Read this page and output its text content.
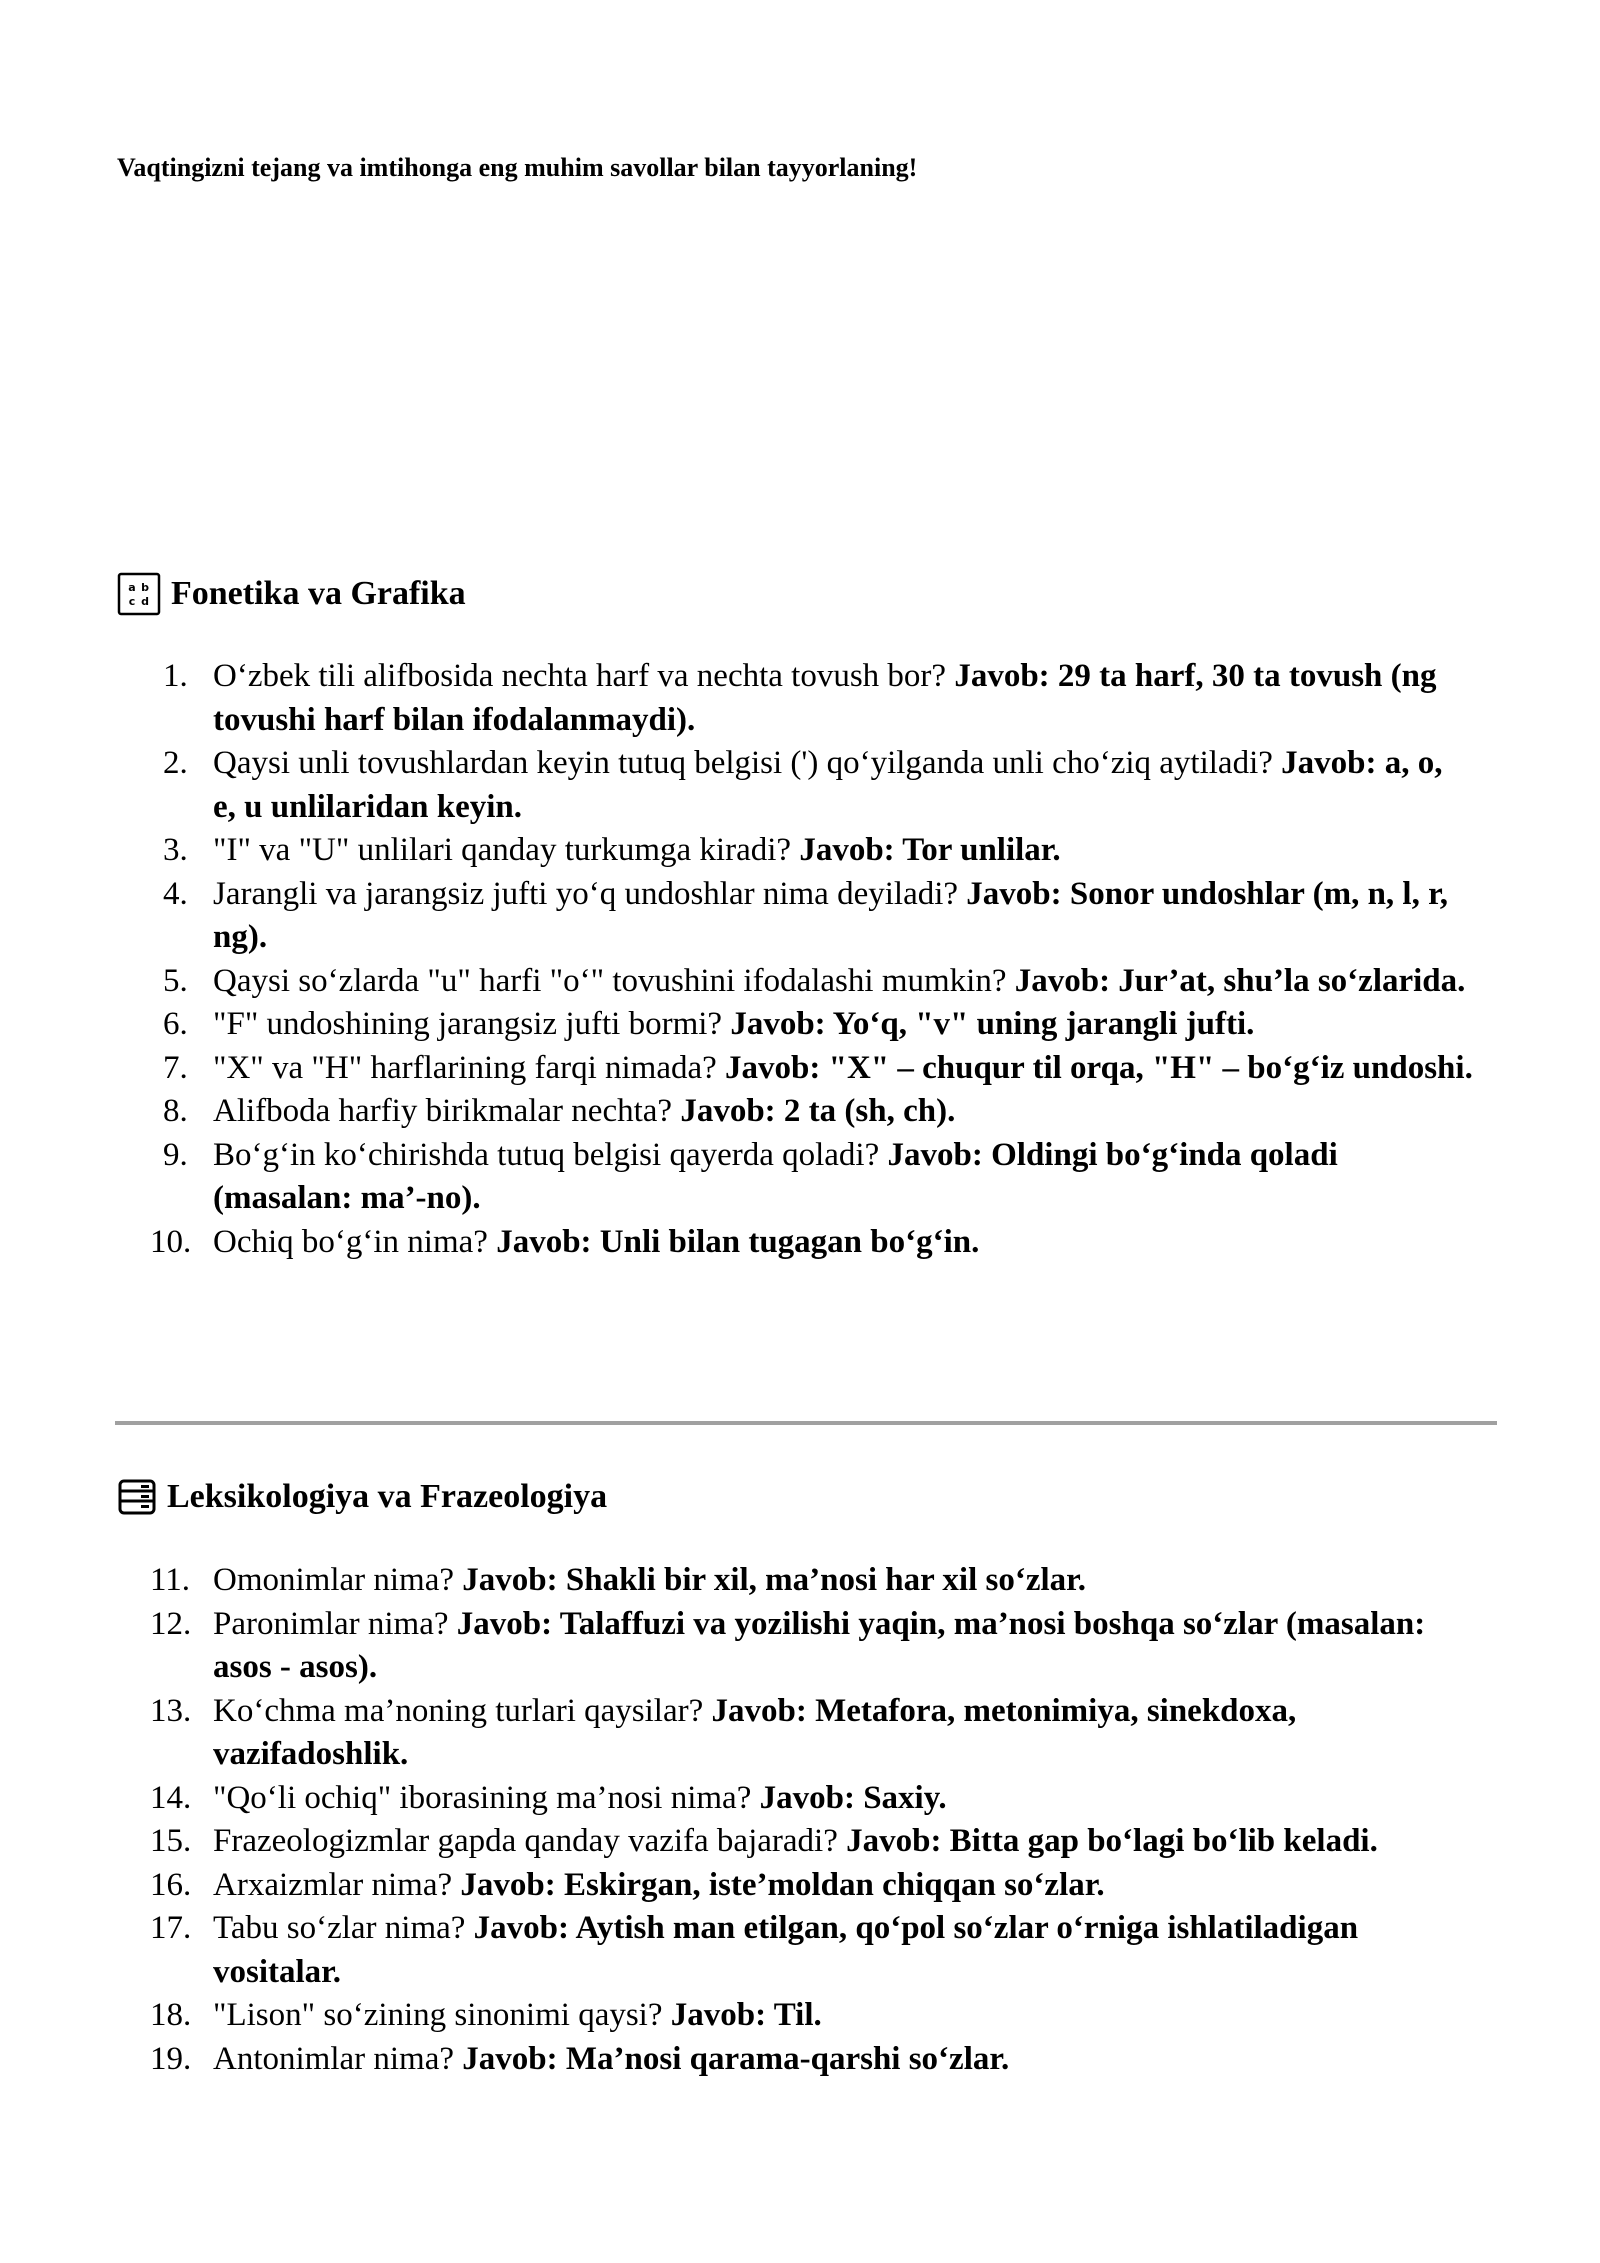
Vaqtingizni tejang va imtihonga eng muhim savollar bilan tayyorlaning!
a b
c d Fonetika va Grafika
1. O‘zbek tili alifbosida nechta harf va nechta tovush bor? Javob: 29 ta harf, 30 ta tovush (ng tovushi harf bilan ifodalanmaydi).
2. Qaysi unli tovushlardan keyin tutuq belgisi (') qo‘yilganda unli cho‘ziq aytiladi? Javob: a, o, e, u unlilaridan keyin.
3. "I" va "U" unlilari qanday turkumga kiradi? Javob: Tor unlilar.
4. Jarangli va jarangsiz jufti yo‘q undoshlar nima deyiladi? Javob: Sonor undoshlar (m, n, l, r, ng).
5. Qaysi so‘zlarda "u" harfi "o‘" tovushini ifodalashi mumkin? Javob: Jur’at, shu’la so‘zlarida.
6. "F" undoshining jarangsiz jufti bormi? Javob: Yo‘q, "v" uning jarangli jufti.
7. "X" va "H" harflarining farqi nimada? Javob: "X" – chuqur til orqa, "H" – bo‘g‘iz undoshi.
8. Alifboda harfiy birikmalar nechta? Javob: 2 ta (sh, ch).
9. Bo‘g‘in ko‘chirishda tutuq belgisi qayerda qoladi? Javob: Oldingi bo‘g‘inda qoladi (masalan: ma’-no).
10. Ochiq bo‘g‘in nima? Javob: Unli bilan tugagan bo‘g‘in.
Leksikologiya va Frazeologiya
11. Omonimlar nima? Javob: Shakli bir xil, ma’nosi har xil so‘zlar.
12. Paronimlar nima? Javob: Talaffuzi va yozilishi yaqin, ma’nosi boshqa so‘zlar (masalan: asos - asos).
13. Ko‘chma ma’noning turlari qaysilar? Javob: Metafora, metonimiya, sinekdoxa, vazifadoshlik.
14. "Qo‘li ochiq" iborasining ma’nosi nima? Javob: Saxiy.
15. Frazeologizmlar gapda qanday vazifa bajaradi? Javob: Bitta gap bo‘lagi bo‘lib keladi.
16. Arxaizmlar nima? Javob: Eskirgan, iste’moldan chiqqan so‘zlar.
17. Tabu so‘zlar nima? Javob: Aytish man etilgan, qo‘pol so‘zlar o‘rniga ishlatiladigan vositalar.
18. "Lison" so‘zining sinonimi qaysi? Javob: Til.
19. Antonimlar nima? Javob: Ma’nosi qarama-qarshi so‘zlar.
